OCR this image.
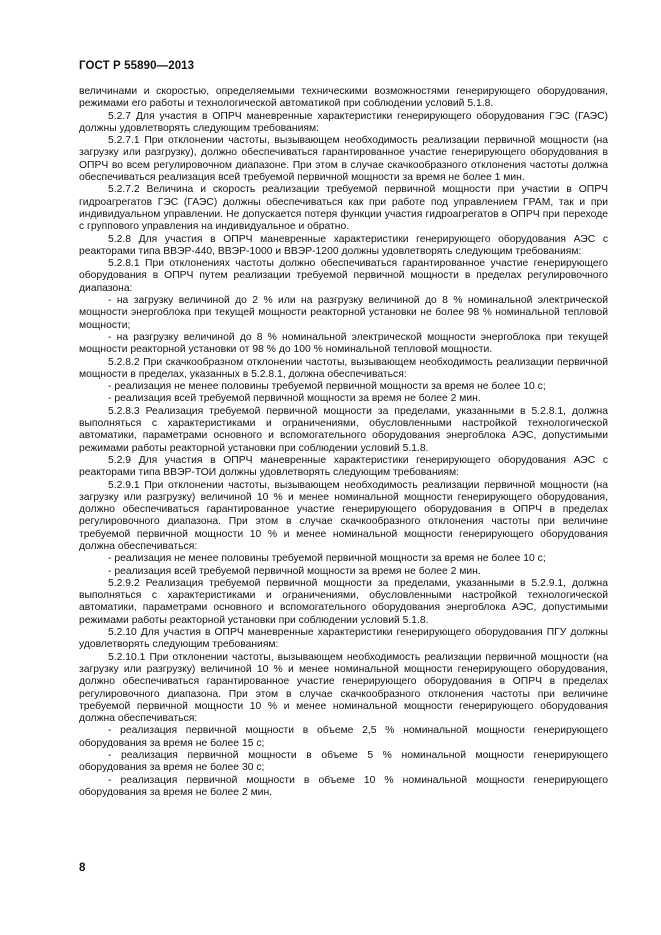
ГОСТ Р 55890—2013

величинами и скоростью, определяемыми техническими возможностями генерирующего оборудования, режимами его работы и технологической автоматикой при соблюдении условий 5.1.8.

5.2.7 Для участия в ОПРЧ маневренные характеристики генерирующего оборудования ГЭС (ГАЭС) должны удовлетворять следующим требованиям:

5.2.7.1 При отклонении частоты, вызывающем необходимость реализации первичной мощности (на загрузку или разгрузку), должно обеспечиваться гарантированное участие генерирующего оборудования в ОПРЧ во всем регулировочном диапазоне. При этом в случае скачкообразного отклонения частоты должна обеспечиваться реализация всей требуемой первичной мощности за время не более 1 мин.

5.2.7.2 Величина и скорость реализации требуемой первичной мощности при участии в ОПРЧ гидроагрегатов ГЭС (ГАЭС) должны обеспечиваться как при работе под управлением ГРАМ, так и при индивидуальном управлении. Не допускается потеря функции участия гидроагрегатов в ОПРЧ при переходе с группового управления на индивидуальное и обратно.

5.2.8 Для участия в ОПРЧ маневренные характеристики генерирующего оборудования АЭС с реакторами типа ВВЭР-440, ВВЭР-1000 и ВВЭР-1200 должны удовлетворять следующим требованиям:

5.2.8.1 При отклонениях частоты должно обеспечиваться гарантированное участие генерирующего оборудования в ОПРЧ путем реализации требуемой первичной мощности в пределах регулировочного диапазона:

- на загрузку величиной до 2 % или на разгрузку величиной до 8 % номинальной электрической мощности энергоблока при текущей мощности реакторной установки не более 98 % номинальной тепловой мощности;

- на разгрузку величиной до 8 % номинальной электрической мощности энергоблока при текущей мощности реакторной установки от 98 % до 100 % номинальной тепловой мощности.

5.2.8.2 При скачкообразном отклонении частоты, вызывающем необходимость реализации первичной мощности в пределах, указанных в 5.2.8.1, должна обеспечиваться:

- реализация не менее половины требуемой первичной мощности за время не более 10 с;

- реализация всей требуемой первичной мощности за время не более 2 мин.

5.2.8.3 Реализация требуемой первичной мощности за пределами, указанными в 5.2.8.1, должна выполняться с характеристиками и ограничениями, обусловленными настройкой технологической автоматики, параметрами основного и вспомогательного оборудования энергоблока АЭС, допустимыми режимами работы реакторной установки при соблюдении условий 5.1.8.

5.2.9 Для участия в ОПРЧ маневренные характеристики генерирующего оборудования АЭС с реакторами типа ВВЭР-ТОИ должны удовлетворять следующим требованиям:

5.2.9.1 При отклонении частоты, вызывающем необходимость реализации первичной мощности (на загрузку или разгрузку) величиной 10 % и менее номинальной мощности генерирующего оборудования, должно обеспечиваться гарантированное участие генерирующего оборудования в ОПРЧ в пределах регулировочного диапазона. При этом в случае скачкообразного отклонения частоты при величине требуемой первичной мощности 10 % и менее номинальной мощности генерирующего оборудования должна обеспечиваться:

- реализация не менее половины требуемой первичной мощности за время не более 10 с;

- реализация всей требуемой первичной мощности за время не более 2 мин.

5.2.9.2 Реализация требуемой первичной мощности за пределами, указанными в 5.2.9.1, должна выполняться с характеристиками и ограничениями, обусловленными настройкой технологической автоматики, параметрами основного и вспомогательного оборудования энергоблока АЭС, допустимыми режимами работы реакторной установки при соблюдении условий 5.1.8.

5.2.10 Для участия в ОПРЧ маневренные характеристики генерирующего оборудования ПГУ должны удовлетворять следующим требованиям:

5.2.10.1 При отклонении частоты, вызывающем необходимость реализации первичной мощности (на загрузку или разгрузку) величиной 10 % и менее номинальной мощности генерирующего оборудования, должно обеспечиваться гарантированное участие генерирующего оборудования в ОПРЧ в пределах регулировочного диапазона. При этом в случае скачкообразного отклонения частоты при величине требуемой первичной мощности 10 % и менее номинальной мощности генерирующего оборудования должна обеспечиваться:

- реализация первичной мощности в объеме 2,5 % номинальной мощности генерирующего оборудования за время не более 15 с;

- реализация первичной мощности в объеме 5 % номинальной мощности генерирующего оборудования за время не более 30 с;

- реализация первичной мощности в объеме 10 % номинальной мощности генерирующего оборудования за время не более 2 мин.

8
